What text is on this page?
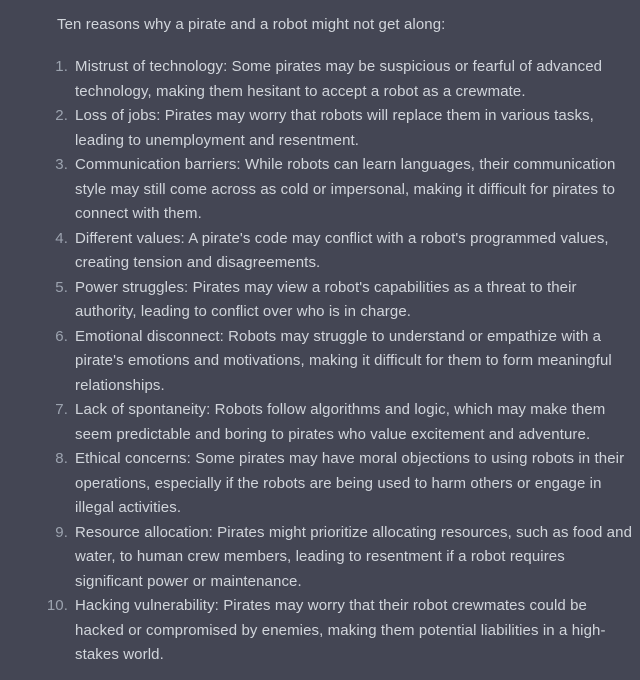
Ten reasons why a pirate and a robot might not get along:
1. Mistrust of technology: Some pirates may be suspicious or fearful of advanced
technology, making them hesitant to accept a robot as a crewmate.
2. Loss of jobs: Pirates may worry that robots will replace them in various tasks,
leading to unemployment and resentment.
3. Communication barriers: While robots can learn languages, their communication
style may still come across as cold or impersonal, making it difficult for pirates to
connect with them.
4. Different values: A pirate's code may conflict with a robot's programmed values,
creating tension and disagreements.
5. Power struggles: Pirates may view a robot's capabilities as a threat to their
authority, leading to conflict over who is in charge.
6. Emotional disconnect: Robots may struggle to understand or empathize with a
pirate's emotions and motivations, making it difficult for them to form meaningful
relationships.
7. Lack of spontaneity: Robots follow algorithms and logic, which may make them
seem predictable and boring to pirates who value excitement and adventure.
8. Ethical concerns: Some pirates may have moral objections to using robots in their
operations, especially if the robots are being used to harm others or engage in
illegal activities.
9. Resource allocation: Pirates might prioritize allocating resources, such as food and
water, to human crew members, leading to resentment if a robot requires
significant power or maintenance.
10. Hacking vulnerability: Pirates may worry that their robot crewmates could be
hacked or compromised by enemies, making them potential liabilities in a high-
stakes world.
